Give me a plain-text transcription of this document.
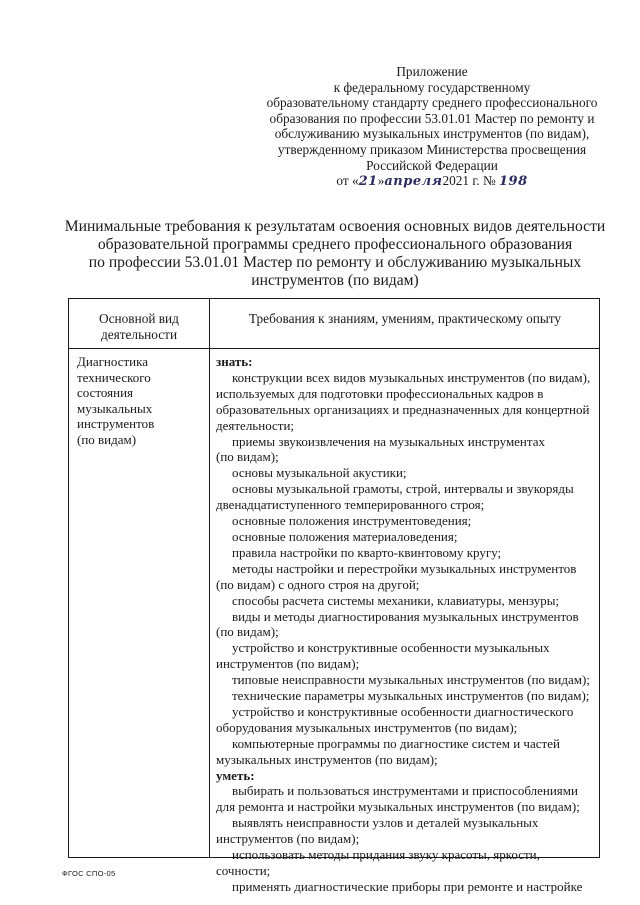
Приложение
к федеральному государственному
образовательному стандарту среднего профессионального
образования по профессии 53.01.01 Мастер по ремонту и
обслуживанию музыкальных инструментов (по видам),
утвержденному приказом Министерства просвещения
Российской Федерации
от «21»апреля2021 г. № 198
Минимальные требования к результатам освоения основных видов деятельности
образовательной программы среднего профессионального образования
по профессии 53.01.01 Мастер по ремонту и обслуживанию музыкальных
инструментов (по видам)
Основной вид
деятельности
Требования к знаниям, умениям, практическому опыту
Диагностика
технического
состояния
музыкальных
инструментов
(по видам)
знать:
конструкции всех видов музыкальных инструментов (по видам),
используемых для подготовки профессиональных кадров в
образовательных организациях и предназначенных для концертной
деятельности;
приемы звукоизвлечения на музыкальных инструментах
(по видам);
основы музыкальной акустики;
основы музыкальной грамоты, строй, интервалы и звукоряды
двенадцатиступенного темперированного строя;
основные положения инструментоведения;
основные положения материаловедения;
правила настройки по кварто-квинтовому кругу;
методы настройки и перестройки музыкальных инструментов
(по видам) с одного строя на другой;
способы расчета системы механики, клавиатуры, мензуры;
виды и методы диагностирования музыкальных инструментов
(по видам);
устройство и конструктивные особенности музыкальных
инструментов (по видам);
типовые неисправности музыкальных инструментов (по видам);
технические параметры музыкальных инструментов (по видам);
устройство и конструктивные особенности диагностического
оборудования музыкальных инструментов (по видам);
компьютерные программы по диагностике систем и частей
музыкальных инструментов (по видам);
уметь:
выбирать и пользоваться инструментами и приспособлениями
для ремонта и настройки музыкальных инструментов (по видам);
выявлять неисправности узлов и деталей музыкальных
инструментов (по видам);
использовать методы придания звуку красоты, яркости,
сочности;
применять диагностические приборы при ремонте и настройке
ФГОС СПО-05
